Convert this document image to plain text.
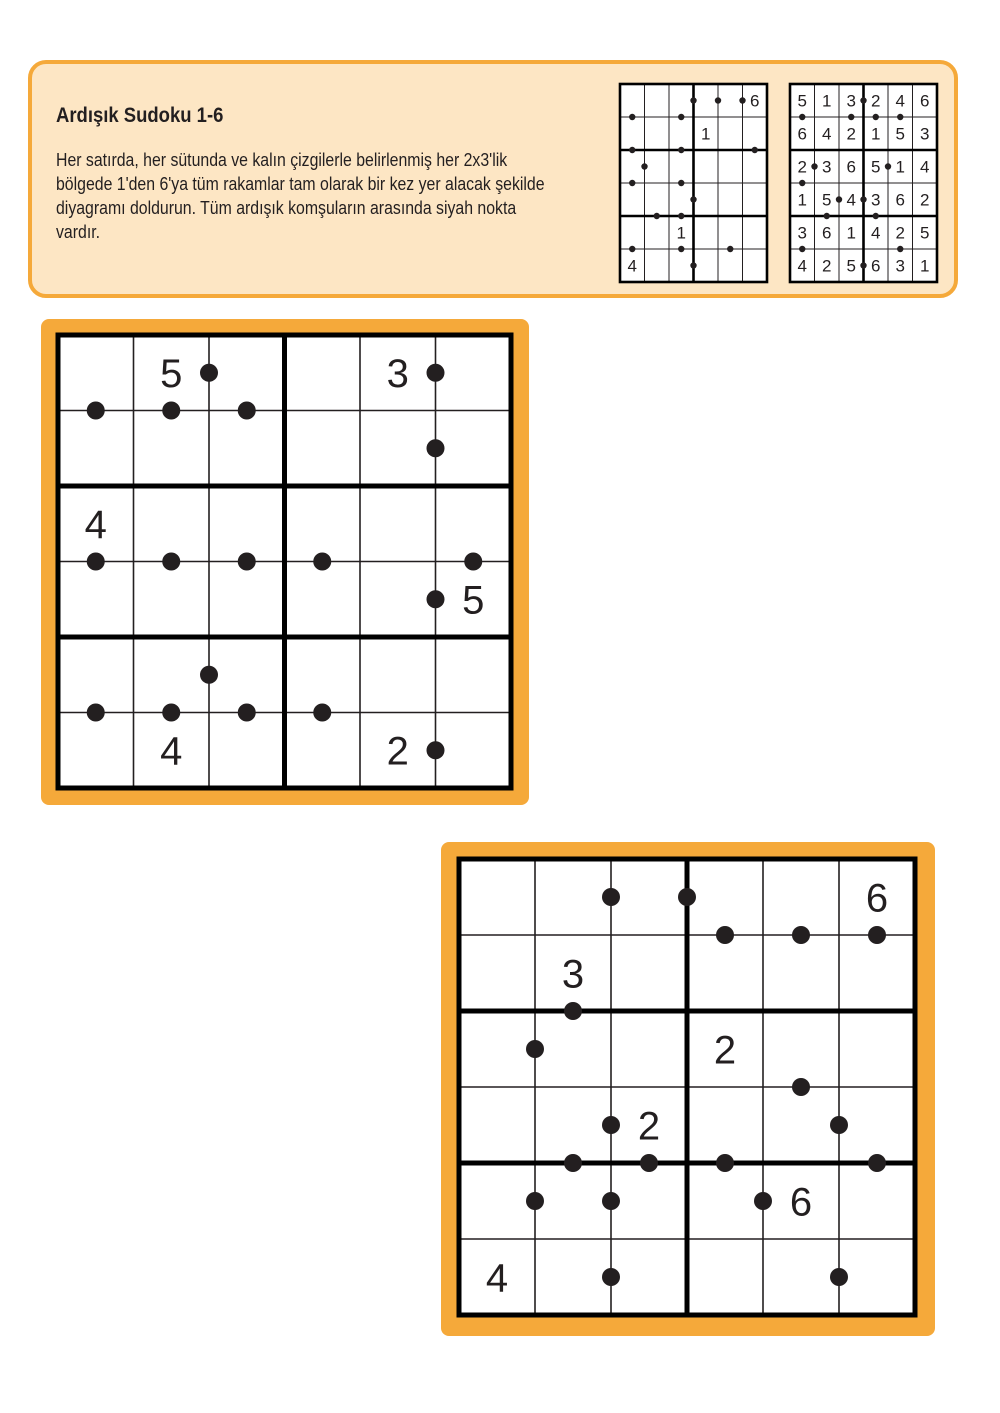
Ardışık Sudoku 1-6
Her satırda, her sütunda ve kalın çizgilerle belirlenmiş her 2x3'lik
bölgede 1'den 6'ya tüm rakamlar tam olarak bir kez yer alacak şekilde
diyagramı doldurun. Tüm ardışık komşuların arasında siyah nokta
vardır.
6
1
4
1
5 1 3 2 4 6
6 4 2 1 5 3
2 3 6 5 1 4
1 5 4 3 6 2
3 6 1 4 2 5
4 2 5 6 3 1
5	3
4
5
4	2
6
3
2
2
6
4
